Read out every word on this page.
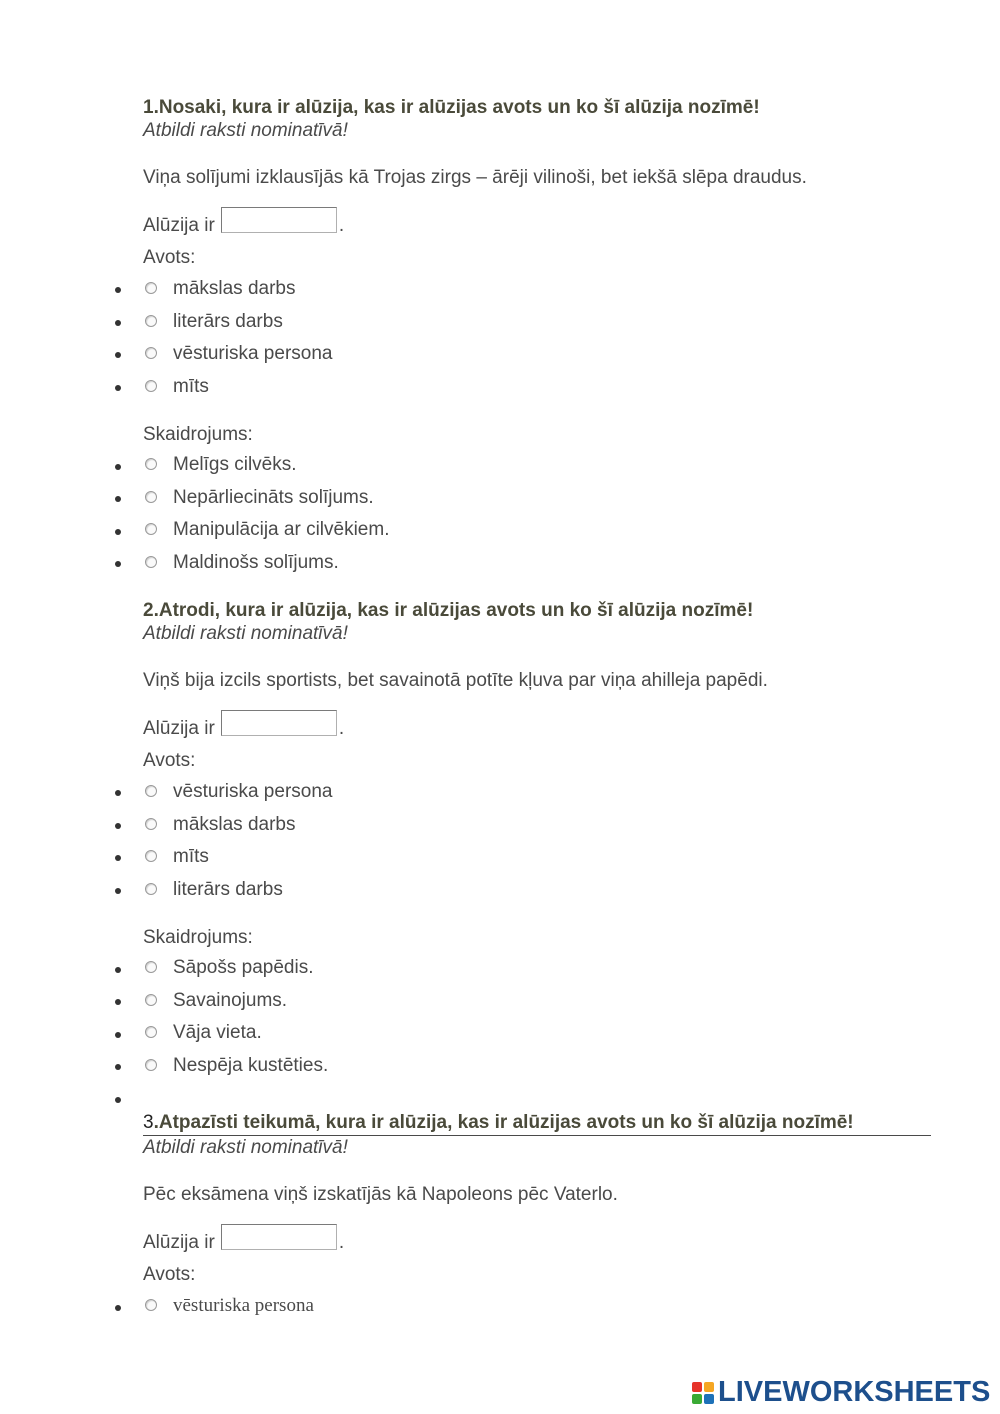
1.Nosaki, kura ir alūzija, kas ir alūzijas avots un ko šī alūzija nozīmē!
Atbildi raksti nominatīvā!
Viņa solījumi izklausījās kā Trojas zirgs – ārēji vilinoši, bet iekšā slēpa draudus.
Alūzija ir	.
Avots:
mākslas darbs
literārs darbs
vēsturiska persona
mīts
Skaidrojums:
Melīgs cilvēks.
Nepārliecināts solījums.
Manipulācija ar cilvēkiem.
Maldinošs solījums.
2.Atrodi, kura ir alūzija, kas ir alūzijas avots un ko šī alūzija nozīmē!
Atbildi raksti nominatīvā!
Viņš bija izcils sportists, bet savainotā potīte kļuva par viņa ahilleja papēdi.
Alūzija ir	.
Avots:
vēsturiska persona
mākslas darbs
mīts
literārs darbs
Skaidrojums:
Sāpošs papēdis.
Savainojums.
Vāja vieta.
Nespēja kustēties.
3.Atpazīsti teikumā, kura ir alūzija, kas ir alūzijas avots un ko šī alūzija nozīmē!
Atbildi raksti nominatīvā!
Pēc eksāmena viņš izskatījās kā Napoleons pēc Vaterlo.
Alūzija ir	.
Avots:
vēsturiska persona
LIVEWORKSHEETS
